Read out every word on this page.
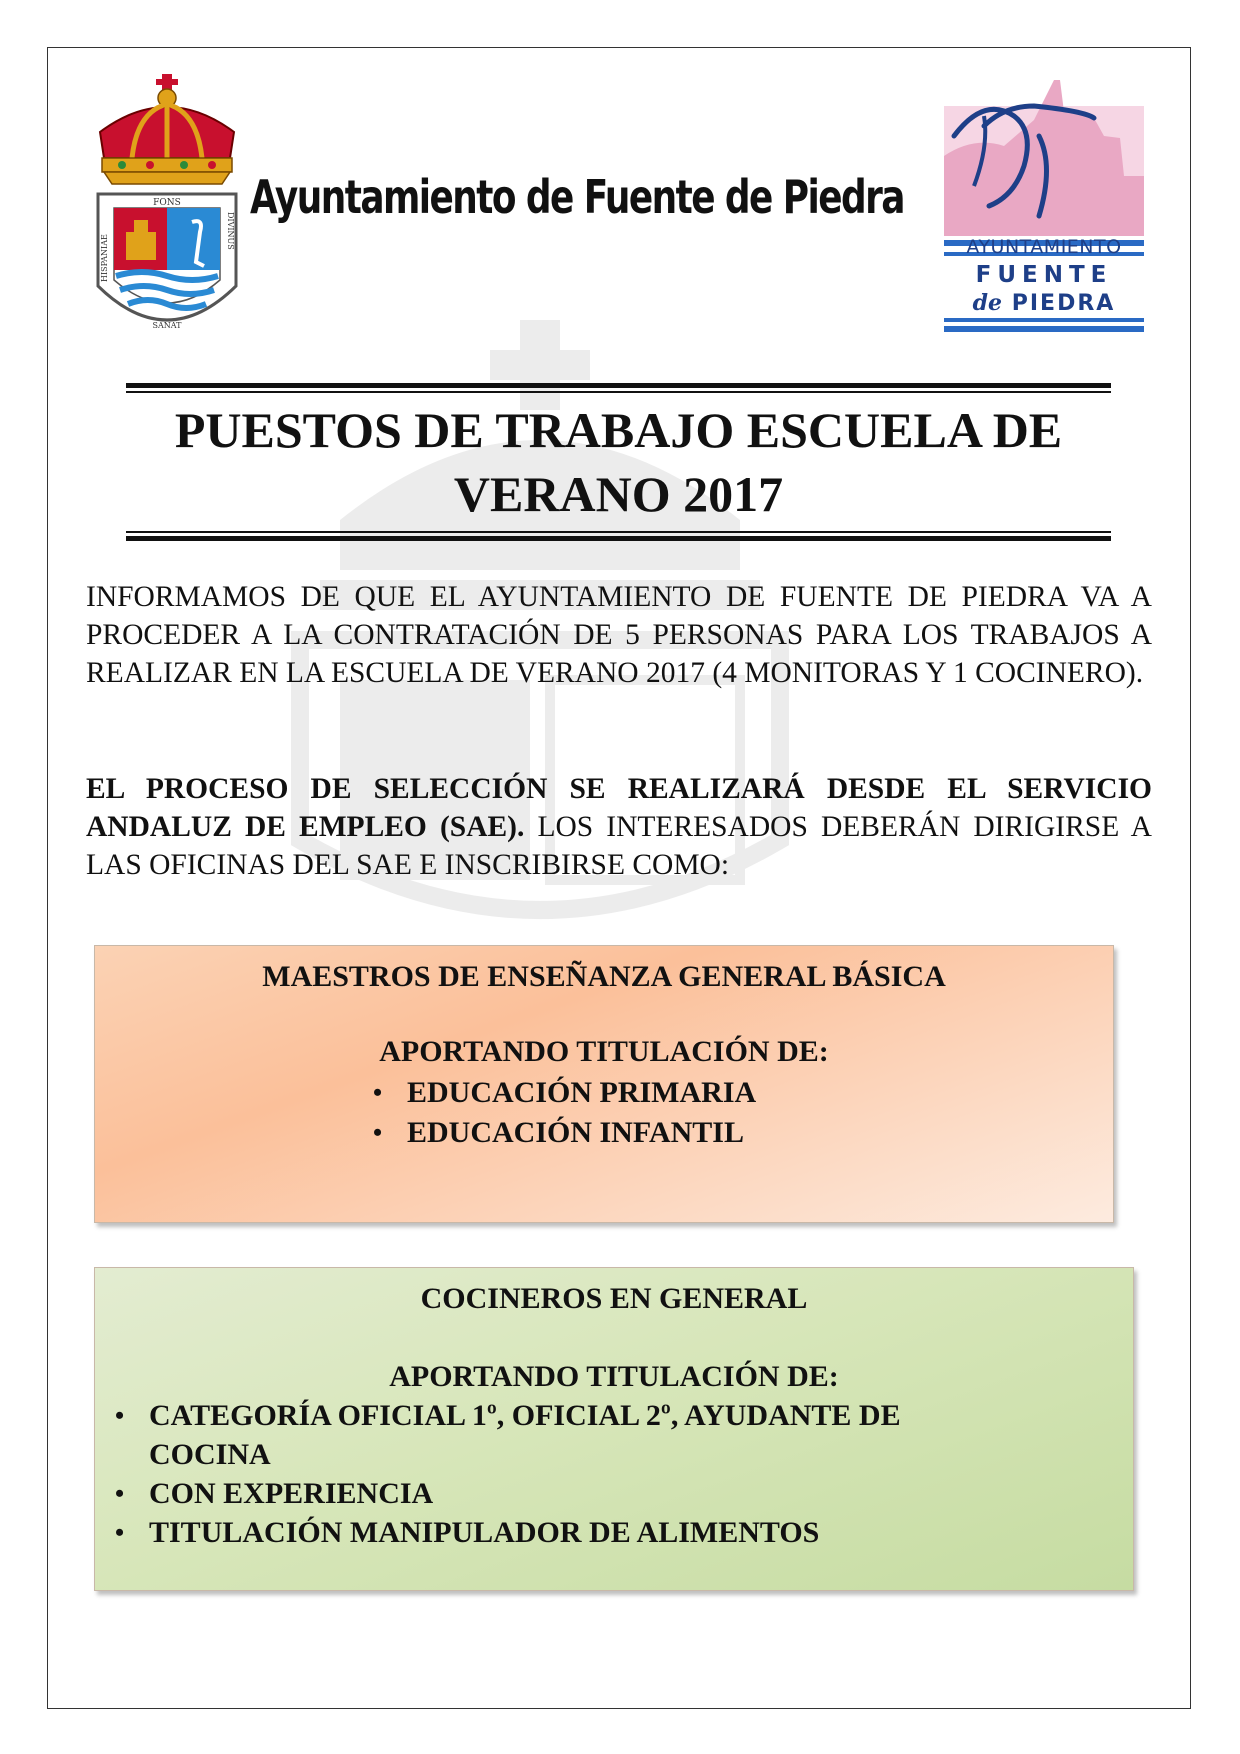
FONS
HISPANIAE
DIVINUS
SANAT
Ayuntamiento de Fuente de Piedra
AYUNTAMIENTO
FUENTE
de PIEDRA
PUESTOS DE TRABAJO ESCUELA DE
VERANO 2017

INFORMAMOS DE QUE EL AYUNTAMIENTO DE FUENTE DE PIEDRA VA A PROCEDER A LA CONTRATACIÓN DE 5 PERSONAS PARA LOS TRABAJOS A REALIZAR EN LA ESCUELA DE VERANO 2017 (4 MONITORAS Y 1 COCINERO).

EL PROCESO DE SELECCIÓN SE REALIZARÁ DESDE EL SERVICIO ANDALUZ DE EMPLEO (SAE). LOS INTERESADOS DEBERÁN DIRIGIRSE A LAS OFICINAS DEL SAE E INSCRIBIRSE COMO:

MAESTROS DE ENSEÑANZA GENERAL BÁSICA
APORTANDO TITULACIÓN DE:
• EDUCACIÓN PRIMARIA
• EDUCACIÓN INFANTIL
COCINEROS EN GENERAL
APORTANDO TITULACIÓN DE:
• CATEGORÍA OFICIAL 1º, OFICIAL 2º, AYUDANTE DE COCINA
• CON EXPERIENCIA
• TITULACIÓN MANIPULADOR DE ALIMENTOS
